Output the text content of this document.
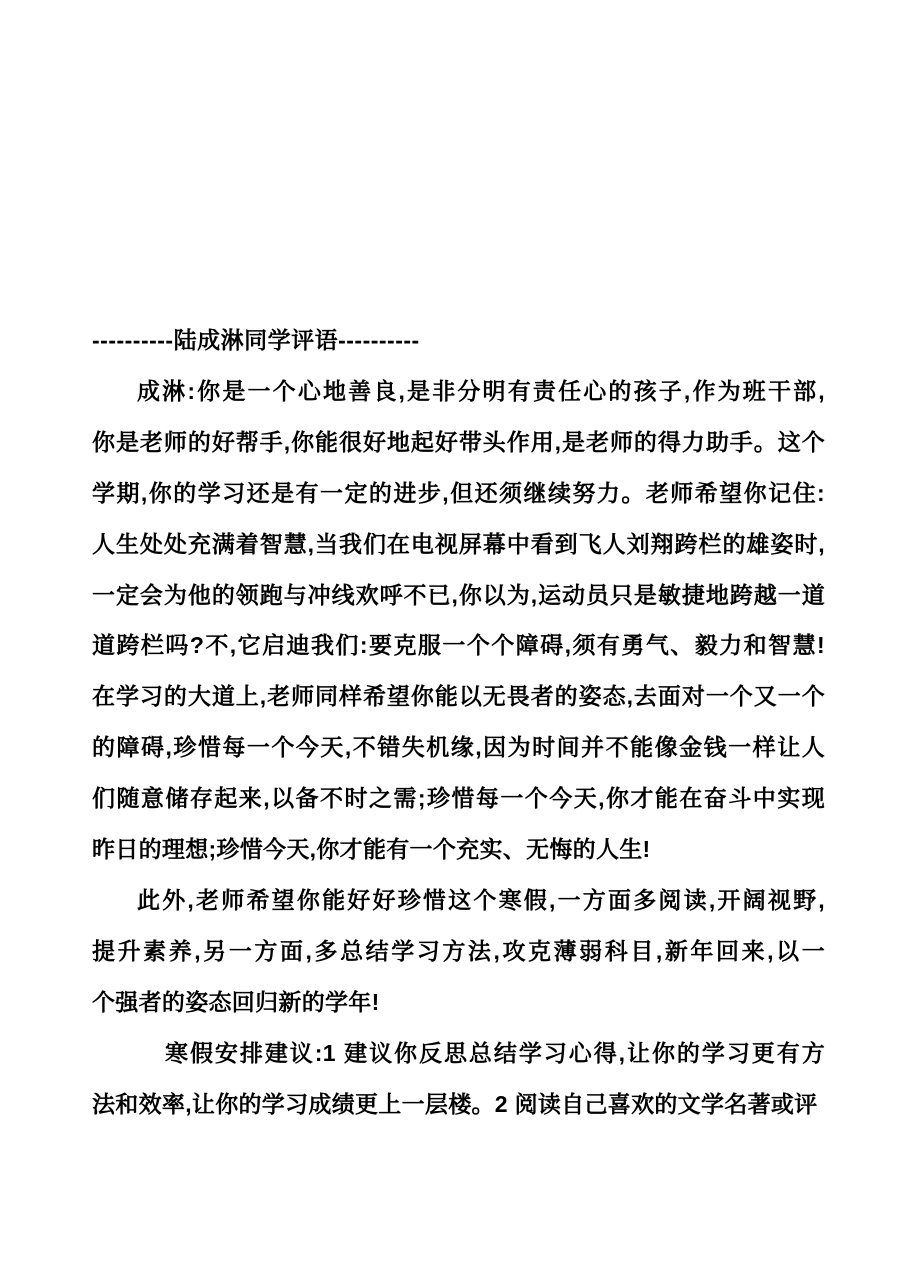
----------陆成淋同学评语----------
成淋:你是一个心地善良,是非分明有责任心的孩子,作为班干部,
你是老师的好帮手,你能很好地起好带头作用,是老师的得力助手。这个
学期,你的学习还是有一定的进步,但还须继续努力。老师希望你记住:
人生处处充满着智慧,当我们在电视屏幕中看到飞人刘翔跨栏的雄姿时,
一定会为他的领跑与冲线欢呼不已,你以为,运动员只是敏捷地跨越一道
道跨栏吗?不,它启迪我们:要克服一个个障碍,须有勇气、毅力和智慧!
在学习的大道上,老师同样希望你能以无畏者的姿态,去面对一个又一个
的障碍,珍惜每一个今天,不错失机缘,因为时间并不能像金钱一样让人
们随意储存起来,以备不时之需;珍惜每一个今天,你才能在奋斗中实现
昨日的理想;珍惜今天,你才能有一个充实、无悔的人生!
此外,老师希望你能好好珍惜这个寒假,一方面多阅读,开阔视野,
提升素养,另一方面,多总结学习方法,攻克薄弱科目,新年回来,以一
个强者的姿态回归新的学年!
寒假安排建议:1 建议你反思总结学习心得,让你的学习更有方
法和效率,让你的学习成绩更上一层楼。2 阅读自己喜欢的文学名著或评
